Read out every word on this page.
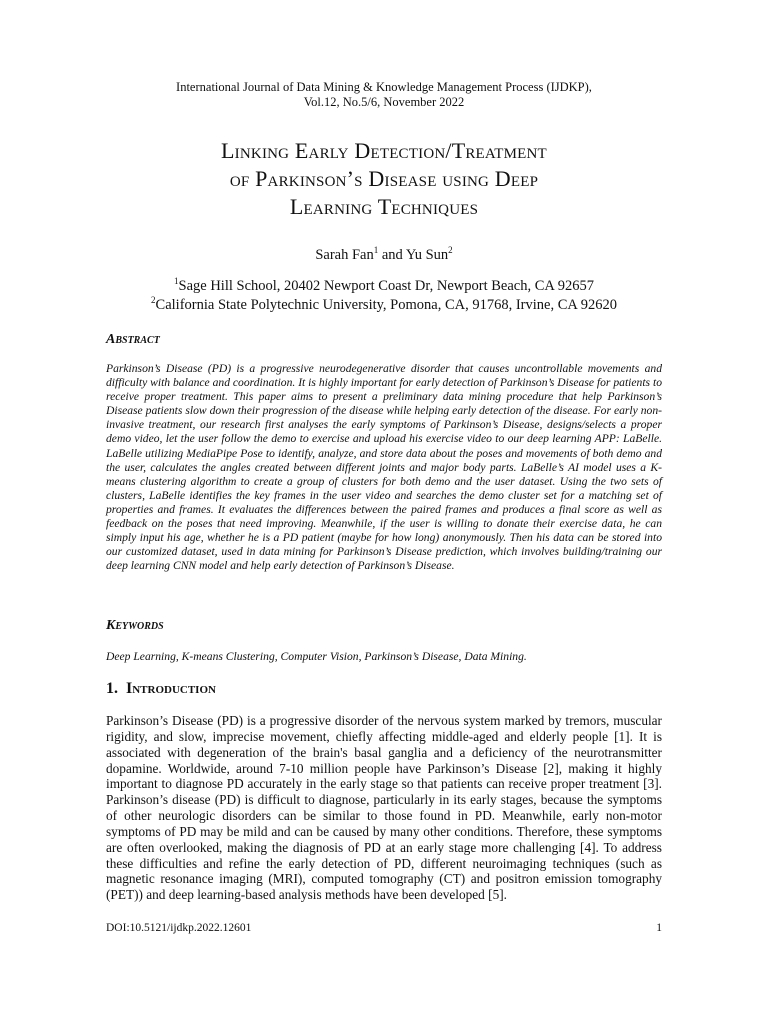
International Journal of Data Mining & Knowledge Management Process (IJDKP),
Vol.12, No.5/6, November 2022
Linking Early Detection/Treatment
of Parkinson’s Disease using Deep
Learning Techniques
Sarah Fan$^1$ and Yu Sun$^2$
$^1$Sage Hill School, 20402 Newport Coast Dr, Newport Beach, CA 92657
$^2$California State Polytechnic University, Pomona, CA, 91768, Irvine, CA 92620
Abstract
Parkinson’s Disease (PD) is a progressive neurodegenerative disorder that causes uncontrollable movements and difficulty with balance and coordination. It is highly important for early detection of Parkinson’s Disease for patients to receive proper treatment. This paper aims to present a preliminary data mining procedure that help Parkinson’s Disease patients slow down their progression of the disease while helping early detection of the disease. For early non-invasive treatment, our research first analyses the early symptoms of Parkinson’s Disease, designs/selects a proper demo video, let the user follow the demo to exercise and upload his exercise video to our deep learning APP: LaBelle. LaBelle utilizing MediaPipe Pose to identify, analyze, and store data about the poses and movements of both demo and the user, calculates the angles created between different joints and major body parts. LaBelle’s AI model uses a K-means clustering algorithm to create a group of clusters for both demo and the user dataset. Using the two sets of clusters, LaBelle identifies the key frames in the user video and searches the demo cluster set for a matching set of properties and frames. It evaluates the differences between the paired frames and produces a final score as well as feedback on the poses that need improving. Meanwhile, if the user is willing to donate their exercise data, he can simply input his age, whether he is a PD patient (maybe for how long) anonymously. Then his data can be stored into our customized dataset, used in data mining for Parkinson’s Disease prediction, which involves building/training our deep learning CNN model and help early detection of Parkinson’s Disease.
Keywords
Deep Learning, K-means Clustering, Computer Vision, Parkinson’s Disease, Data Mining.
1. Introduction
Parkinson’s Disease (PD) is a progressive disorder of the nervous system marked by tremors, muscular rigidity, and slow, imprecise movement, chiefly affecting middle-aged and elderly people [1]. It is associated with degeneration of the brain's basal ganglia and a deficiency of the neurotransmitter dopamine. Worldwide, around 7-10 million people have Parkinson’s Disease [2], making it highly important to diagnose PD accurately in the early stage so that patients can receive proper treatment [3]. Parkinson’s disease (PD) is difficult to diagnose, particularly in its early stages, because the symptoms of other neurologic disorders can be similar to those found in PD. Meanwhile, early non-motor symptoms of PD may be mild and can be caused by many other conditions. Therefore, these symptoms are often overlooked, making the diagnosis of PD at an early stage more challenging [4]. To address these difficulties and refine the early detection of PD, different neuroimaging techniques (such as magnetic resonance imaging (MRI), computed tomography (CT) and positron emission tomography (PET)) and deep learning-based analysis methods have been developed [5].
DOI:10.5121/ijdkp.2022.12601	1
